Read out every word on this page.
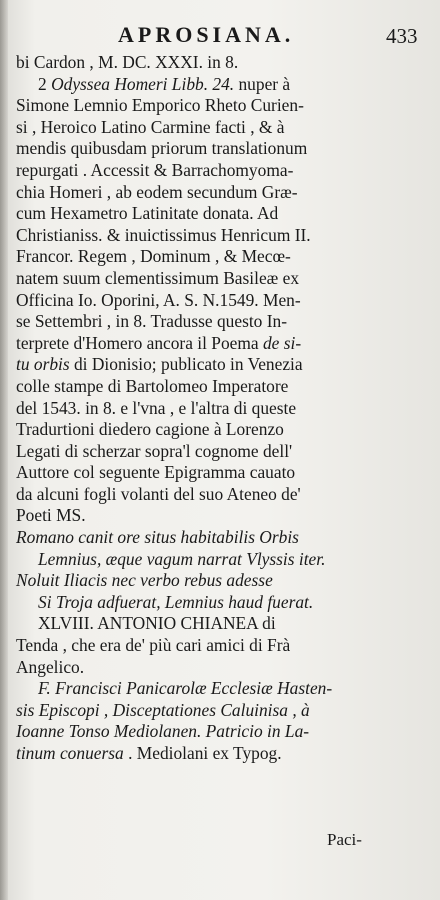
APROSIANA.	433
bi Cardon , M. DC. XXXI. in 8.
2 Odyssea Homeri Libb. 24. nuper à
Simone Lemnio Emporico Rheto Curien-
si , Heroico Latino Carmine facti , & à
mendis quibusdam priorum translationum
repurgati . Accessit & Barrachomyoma-
chia Homeri , ab eodem secundum Græ-
cum Hexametro Latinitate donata. Ad
Christianiss. & inuictissimus Henricum II.
Francor. Regem , Dominum , & Mecœ-
natem suum clementissimum Basileæ ex
Officina Io. Oporini, A. S. N.1549. Men-
se Settembri , in 8. Tradusse questo In-
terprete d'Homero ancora il Poema de si-
tu orbis di Dionisio; publicato in Venezia
colle stampe di Bartolomeo Imperatore
del 1543. in 8. e l'vna , e l'altra di queste
Tradurtioni diedero cagione à Lorenzo
Legati di scherzar sopra'l cognome dell'
Auttore col seguente Epigramma cauato
da alcuni fogli volanti del suo Ateneo de'
Poeti MS.
Romano canit ore situs habitabilis Orbis
Lemnius, æque vagum narrat Vlyssis iter.
Noluit Iliacis nec verbo rebus adesse
Si Troja adfuerat, Lemnius haud fuerat.
XLVIII. ANTONIO CHIANEA di
Tenda , che era de' più cari amici di Frà
Angelico.
F. Francisci Panicarolæ Ecclesiæ Hasten-
sis Episcopi , Disceptationes Caluinisa , à
Ioanne Tonso Mediolanen. Patricio in La-
tinum conuersa . Mediolani ex Typog.
Paci-
